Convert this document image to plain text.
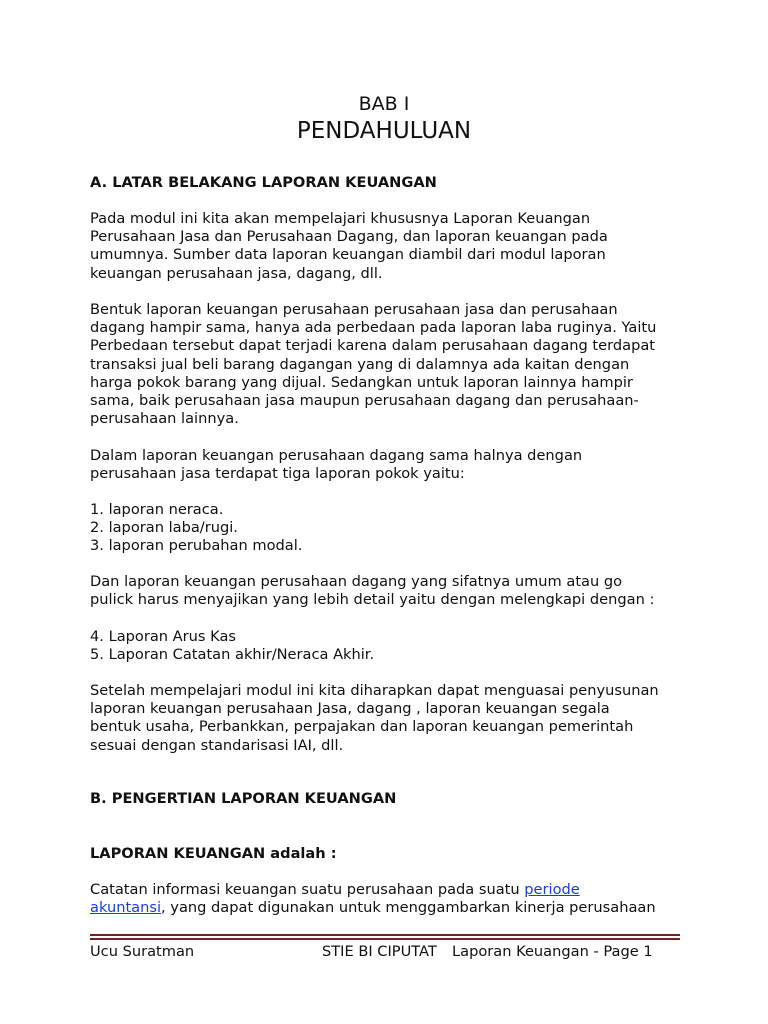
BAB I
PENDAHULUAN
A. LATAR BELAKANG LAPORAN KEUANGAN
Pada modul ini kita akan mempelajari khususnya Laporan Keuangan
Perusahaan Jasa dan Perusahaan Dagang, dan laporan keuangan pada
umumnya. Sumber data laporan keuangan diambil dari modul laporan
keuangan perusahaan jasa, dagang, dll.
Bentuk laporan keuangan perusahaan perusahaan jasa dan perusahaan
dagang hampir sama, hanya ada perbedaan pada laporan laba ruginya. Yaitu
Perbedaan tersebut dapat terjadi karena dalam perusahaan dagang terdapat
transaksi jual beli barang dagangan yang di dalamnya ada kaitan dengan
harga pokok barang yang dijual. Sedangkan untuk laporan lainnya hampir
sama, baik perusahaan jasa maupun perusahaan dagang dan perusahaan-
perusahaan lainnya.
Dalam laporan keuangan perusahaan dagang sama halnya dengan
perusahaan jasa terdapat tiga laporan pokok yaitu:
1. laporan neraca.
2. laporan laba/rugi.
3. laporan perubahan modal.
Dan laporan keuangan perusahaan dagang yang sifatnya umum atau go
pulick harus menyajikan yang lebih detail yaitu dengan melengkapi dengan :
4. Laporan Arus Kas
5. Laporan Catatan akhir/Neraca Akhir.
Setelah mempelajari modul ini kita diharapkan dapat menguasai penyusunan
laporan keuangan perusahaan Jasa, dagang , laporan keuangan segala
bentuk usaha, Perbankkan, perpajakan dan laporan keuangan pemerintah
sesuai dengan standarisasi IAI, dll.
B. PENGERTIAN LAPORAN KEUANGAN
LAPORAN KEUANGAN adalah :
Catatan informasi keuangan suatu perusahaan pada suatu periode
akuntansi, yang dapat digunakan untuk menggambarkan kinerja perusahaan
Ucu Suratman	STIE BI CIPUTAT Laporan Keuangan - Page 1
